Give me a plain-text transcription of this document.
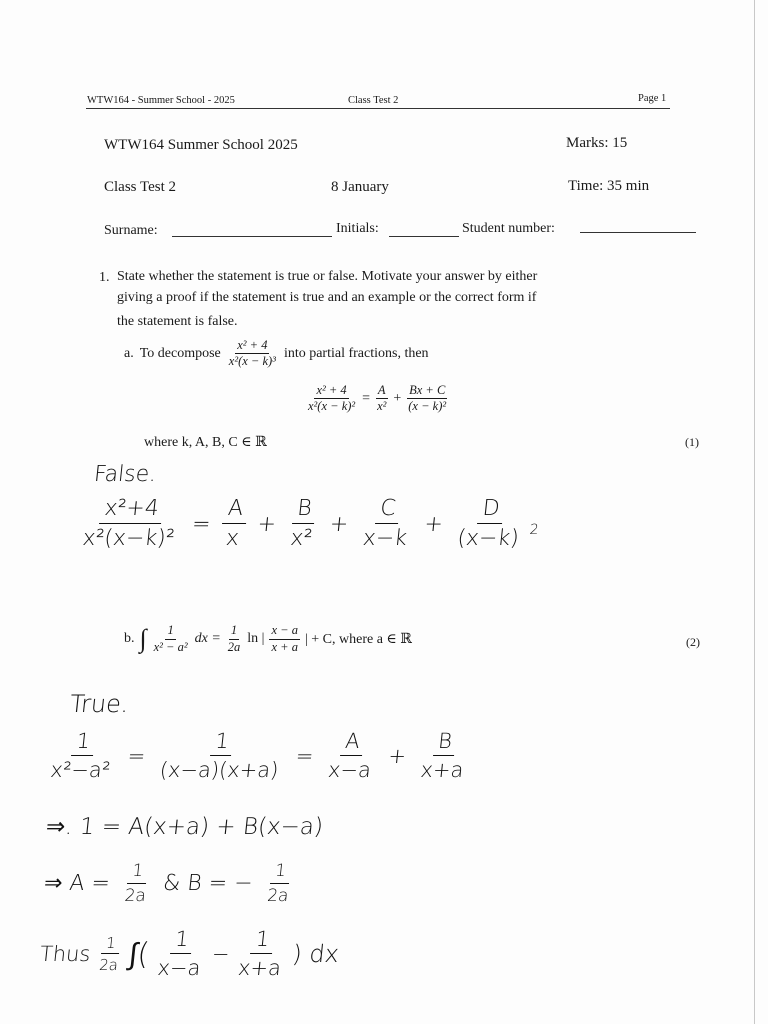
WTW164 - Summer School - 2025	Class Test 2	Page 1
WTW164 Summer School 2025	Marks: 15
Class Test 2	8 January	Time: 35 min
Surname:	Initials:	Student number:
1. State whether the statement is true or false. Motivate your answer by either
giving a proof if the statement is true and an example or the correct form if
the statement is false.
a. To decompose $\frac{\text{x² + 4}}{\text{x²(x − k)³}}$ into partial fractions, then
$\frac{\text{x² + 4}}{\text{x²(x − k)²}} = \frac{A}{\text{x²}} + \frac{Bx + C}{\text{(x − k)²}}$
where k, A, B, C ∈ ℝ	(1)
False.
$\frac{\text{x²+4}}{\text{x²(x−k)²}} = \frac{A}{x} + \frac{B}{\text{x²}} + \frac{C}{x-k} + \frac{D}{(x-k)} 2$
b. ∫ $\frac{1}{\text{x² − a²}}$ dx = $\frac{1}{2a}$ ln | $\frac{x - a}{x + a}$ | + C, where a ∈ ℝ	(2)
True.
$\frac{1}{\text{x²−a²}} = \frac{1}{(x-a)(x+a)} = \frac{A}{x-a} + \frac{B}{x+a}$
⇒. 1 = A(x+a) + B(x−a)
⇒ $A = \frac{1}{2a}$ & B = − $\frac{1}{2a}$
Thus $\frac{1}{2a}$ ∫( $\frac{1}{x-a} - \frac{1}{x+a}$ ) dx
